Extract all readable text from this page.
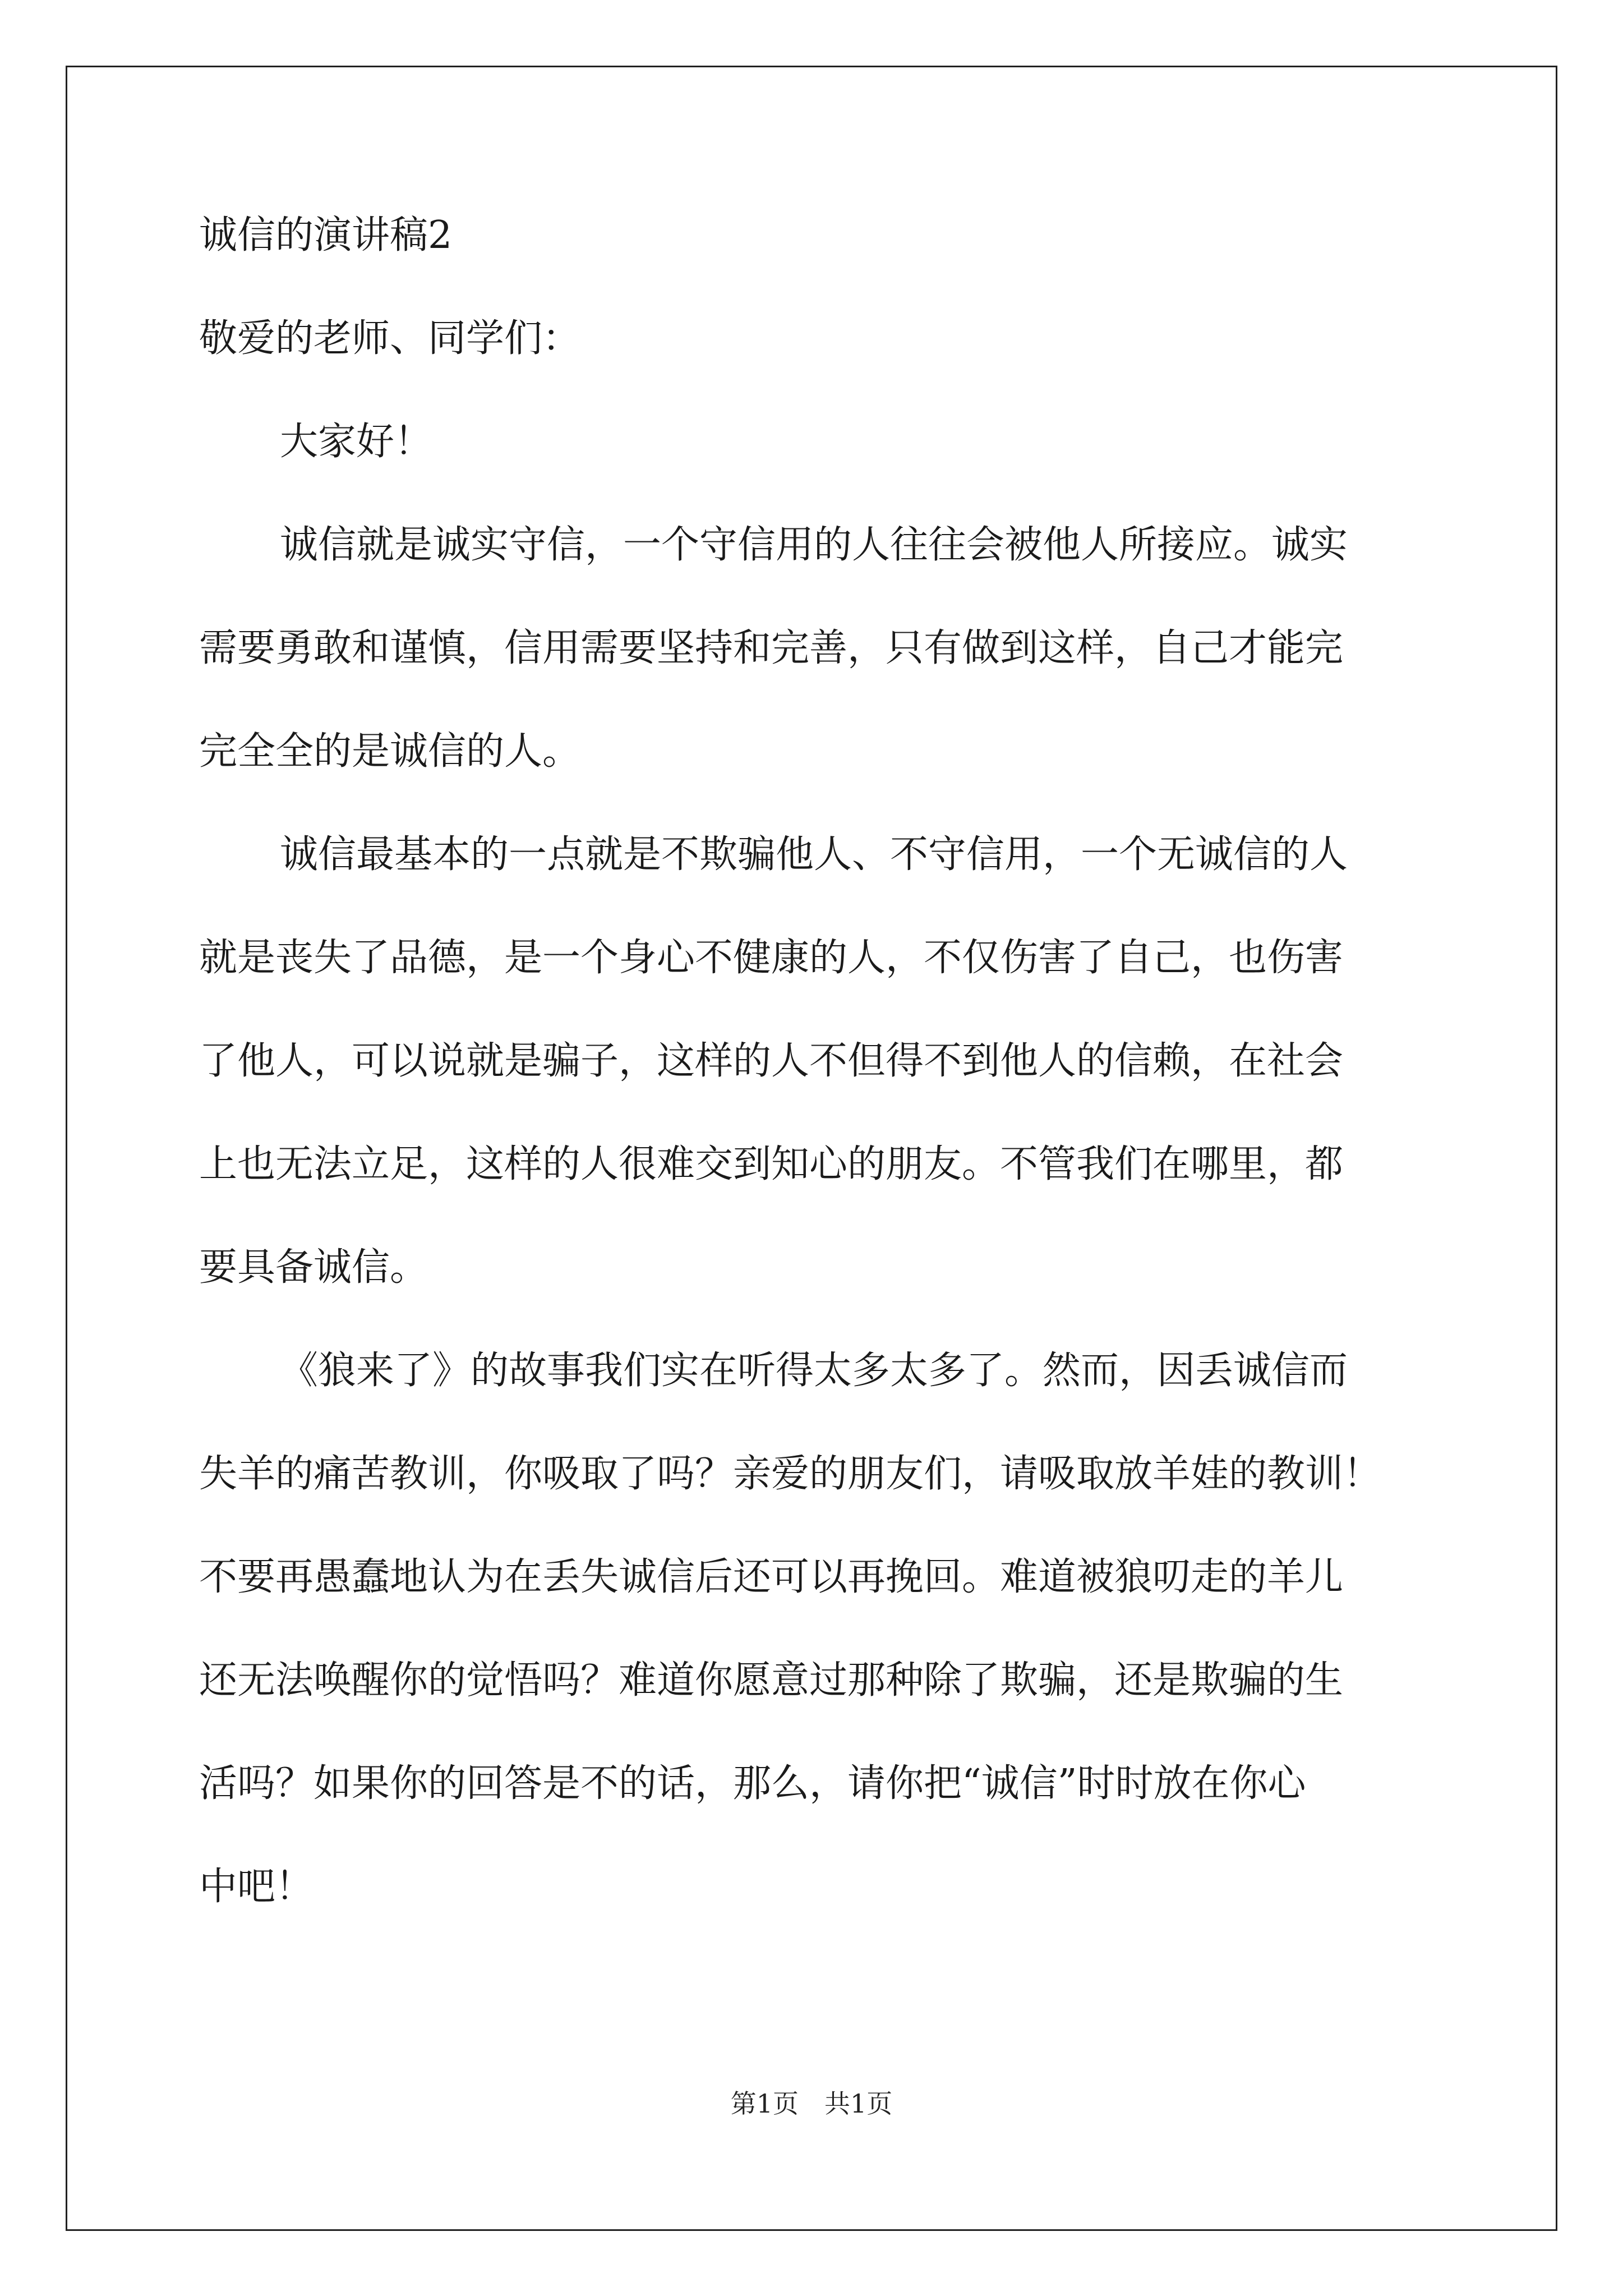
诚信的演讲稿2

敬爱的老师、同学们：

大家好！

诚信就是诚实守信，一个守信用的人往往会被他人所接应。诚实

需要勇敢和谨慎，信用需要坚持和完善，只有做到这样，自己才能完

完全全的是诚信的人。

诚信最基本的一点就是不欺骗他人、不守信用，一个无诚信的人

就是丧失了品德，是一个身心不健康的人，不仅伤害了自己，也伤害

了他人，可以说就是骗子，这样的人不但得不到他人的信赖，在社会

上也无法立足，这样的人很难交到知心的朋友。不管我们在哪里，都

要具备诚信。

《狼来了》的故事我们实在听得太多太多了。然而，因丢诚信而

失羊的痛苦教训，你吸取了吗？亲爱的朋友们，请吸取放羊娃的教训！

不要再愚蠢地认为在丢失诚信后还可以再挽回。难道被狼叨走的羊儿

还无法唤醒你的觉悟吗？难道你愿意过那种除了欺骗，还是欺骗的生

活吗？如果你的回答是不的话，那么，请你把“诚信”时时放在你心

中吧！

第1页　共1页
